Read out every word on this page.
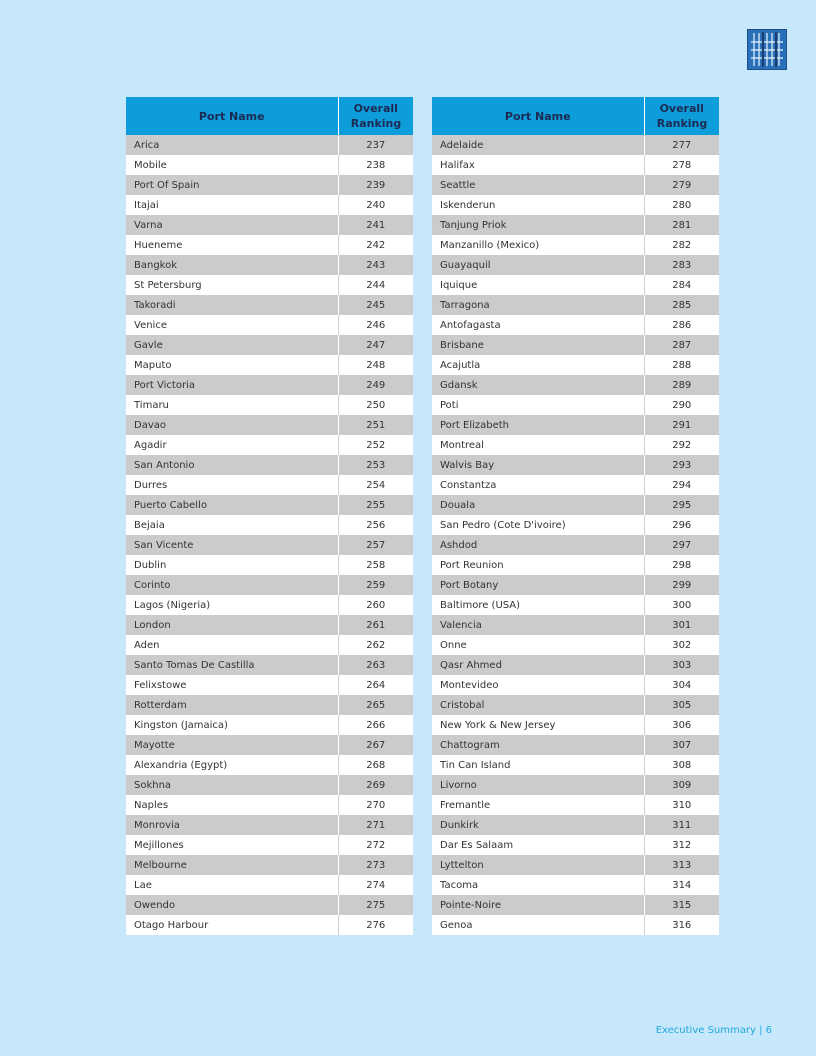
Port Name	Overall Ranking
Arica	237
Mobile	238
Port Of Spain	239
Itajai	240
Varna	241
Hueneme	242
Bangkok	243
St Petersburg	244
Takoradi	245
Venice	246
Gavle	247
Maputo	248
Port Victoria	249
Timaru	250
Davao	251
Agadir	252
San Antonio	253
Durres	254
Puerto Cabello	255
Bejaia	256
San Vicente	257
Dublin	258
Corinto	259
Lagos (Nigeria)	260
London	261
Aden	262
Santo Tomas De Castilla	263
Felixstowe	264
Rotterdam	265
Kingston (Jamaica)	266
Mayotte	267
Alexandria (Egypt)	268
Sokhna	269
Naples	270
Monrovia	271
Mejillones	272
Melbourne	273
Lae	274
Owendo	275
Otago Harbour	276
Port Name	Overall Ranking
Adelaide	277
Halifax	278
Seattle	279
Iskenderun	280
Tanjung Priok	281
Manzanillo (Mexico)	282
Guayaquil	283
Iquique	284
Tarragona	285
Antofagasta	286
Brisbane	287
Acajutla	288
Gdansk	289
Poti	290
Port Elizabeth	291
Montreal	292
Walvis Bay	293
Constantza	294
Douala	295
San Pedro (Cote D'ivoire)	296
Ashdod	297
Port Reunion	298
Port Botany	299
Baltimore (USA)	300
Valencia	301
Onne	302
Qasr Ahmed	303
Montevideo	304
Cristobal	305
New York & New Jersey	306
Chattogram	307
Tin Can Island	308
Livorno	309
Fremantle	310
Dunkirk	311
Dar Es Salaam	312
Lyttelton	313
Tacoma	314
Pointe-Noire	315
Genoa	316
Executive Summary | 6
